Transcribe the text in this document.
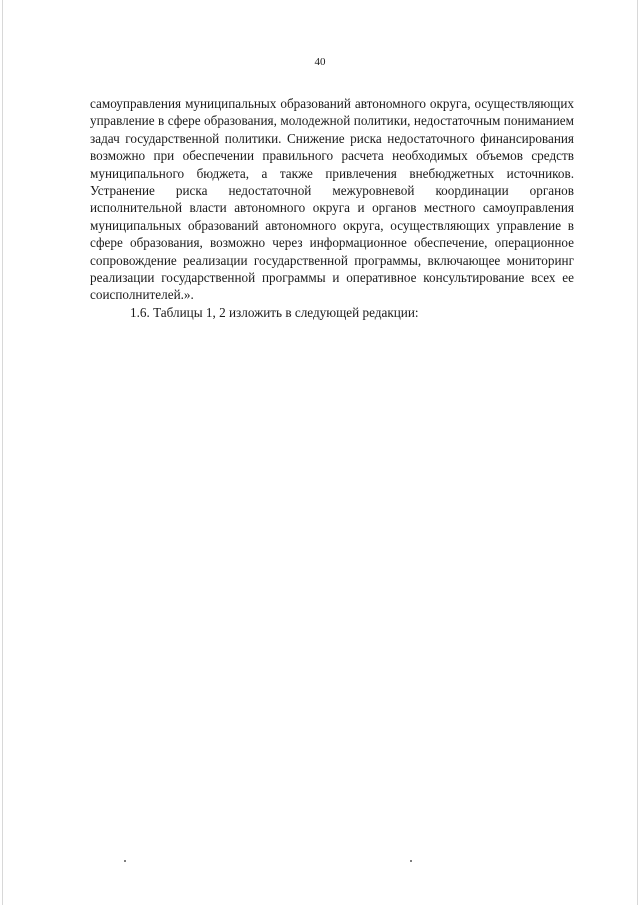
40

самоуправления муниципальных образований автономного округа, осуществляющих управление в сфере образования, молодежной политики, недостаточным пониманием задач государственной политики. Снижение риска недостаточного финансирования возможно при обеспечении правильного расчета необходимых объемов средств муниципального бюджета, а также привлечения внебюджетных источников. Устранение риска недостаточной межуровневой координации органов исполнительной власти автономного округа и органов местного самоуправления муниципальных образований автономного округа, осуществляющих управление в сфере образования, возможно через информационное обеспечение, операционное сопровождение реализации государственной программы, включающее мониторинг реализации государственной программы и оперативное консультирование всех ее соисполнителей.».

1.6. Таблицы 1, 2 изложить в следующей редакции:
